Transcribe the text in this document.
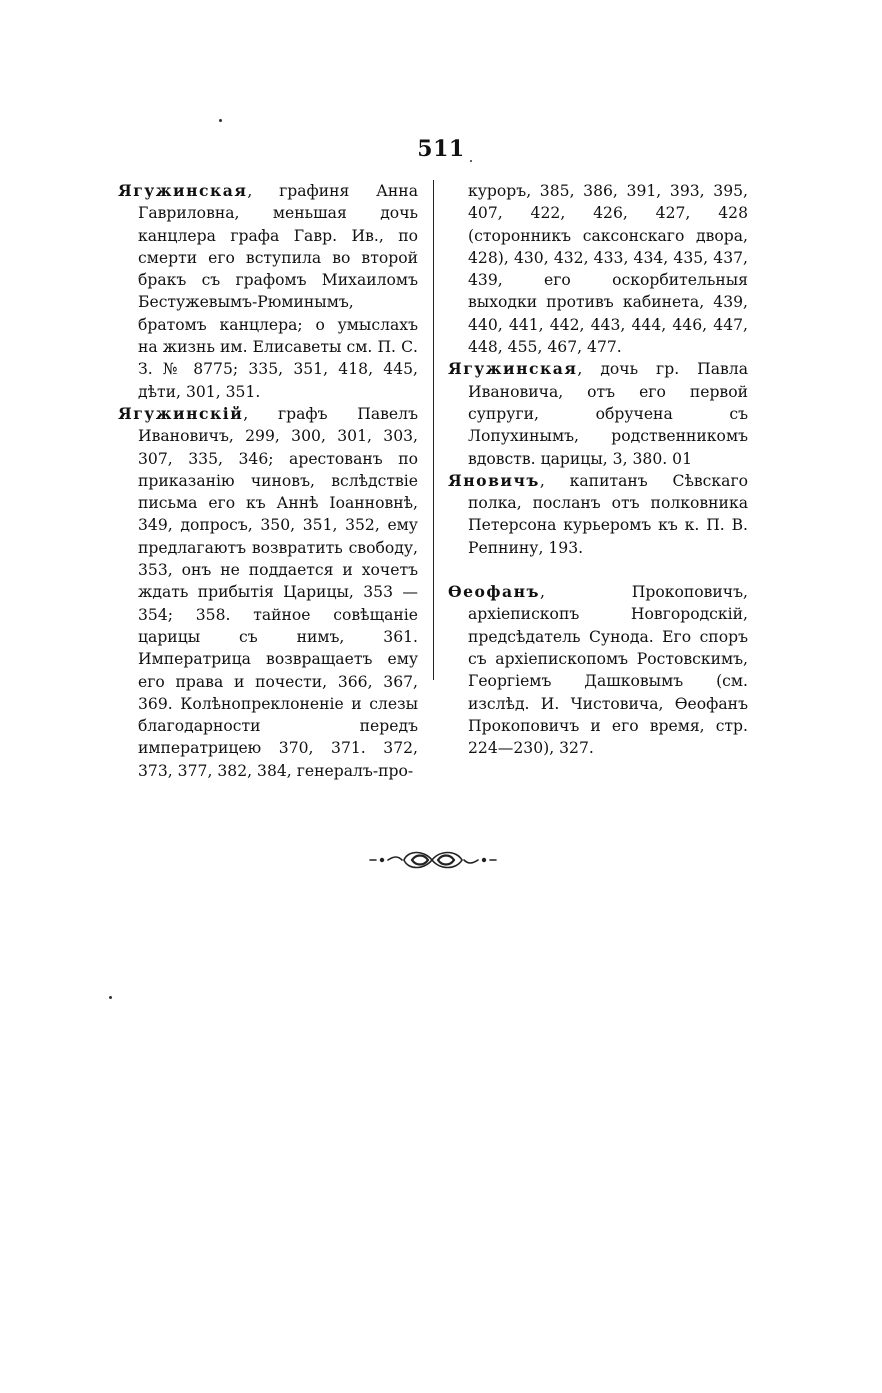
511

Ягужинская, графиня Анна Гавриловна, меньшая дочь канцлера графа Гавр. Ив., по смерти его вступила во второй бракъ съ графомъ Михаиломъ Бестужевымъ-Рюминымъ, братомъ канцлера; о умыслахъ на жизнь им. Елисаветы см. П. С. З. № 8775; 335, 351, 418, 445, дѣти, 301, 351.

Ягужинскій, графъ Павелъ Ивановичъ, 299, 300, 301, 303, 307, 335, 346; арестованъ по приказанію чиновъ, вслѣдствіе письма его къ Аннѣ Іоанновнѣ, 349, допросъ, 350, 351, 352, ему предлагаютъ возвратить свободу, 353, онъ не поддается и хочетъ ждать прибытія Царицы, 353 — 354; 358. тайное совѣщаніе царицы съ нимъ, 361. Императрица возвращаетъ ему его права и почести, 366, 367, 369. Колѣнопреклоненіе и слезы благодарности передъ императрицею 370, 371. 372, 373, 377, 382, 384, генералъ-про-

куроръ, 385, 386, 391, 393, 395, 407, 422, 426, 427, 428 (сторонникъ саксонскаго двора, 428), 430, 432, 433, 434, 435, 437, 439, его оскорбительныя выходки противъ кабинета, 439, 440, 441, 442, 443, 444, 446, 447, 448, 455, 467, 477.

Ягужинская, дочь гр. Павла Ивановича, отъ его первой супруги, обручена съ Лопухинымъ, родственникомъ вдовств. царицы, 3, 380. 01

Яновичъ, капитанъ Сѣвскаго полка, посланъ отъ полковника Петерсона курьеромъ къ к. П. В. Репнину, 193.

Өеофанъ, Прокоповичъ, архіепископъ Новгородскій, предсѣдатель Сунода. Его споръ съ архіепископомъ Ростовскимъ, Георгіемъ Дашковымъ (см. изслѣд. И. Чистовича, Өеофанъ Прокоповичъ и его время, стр. 224—230), 327.
